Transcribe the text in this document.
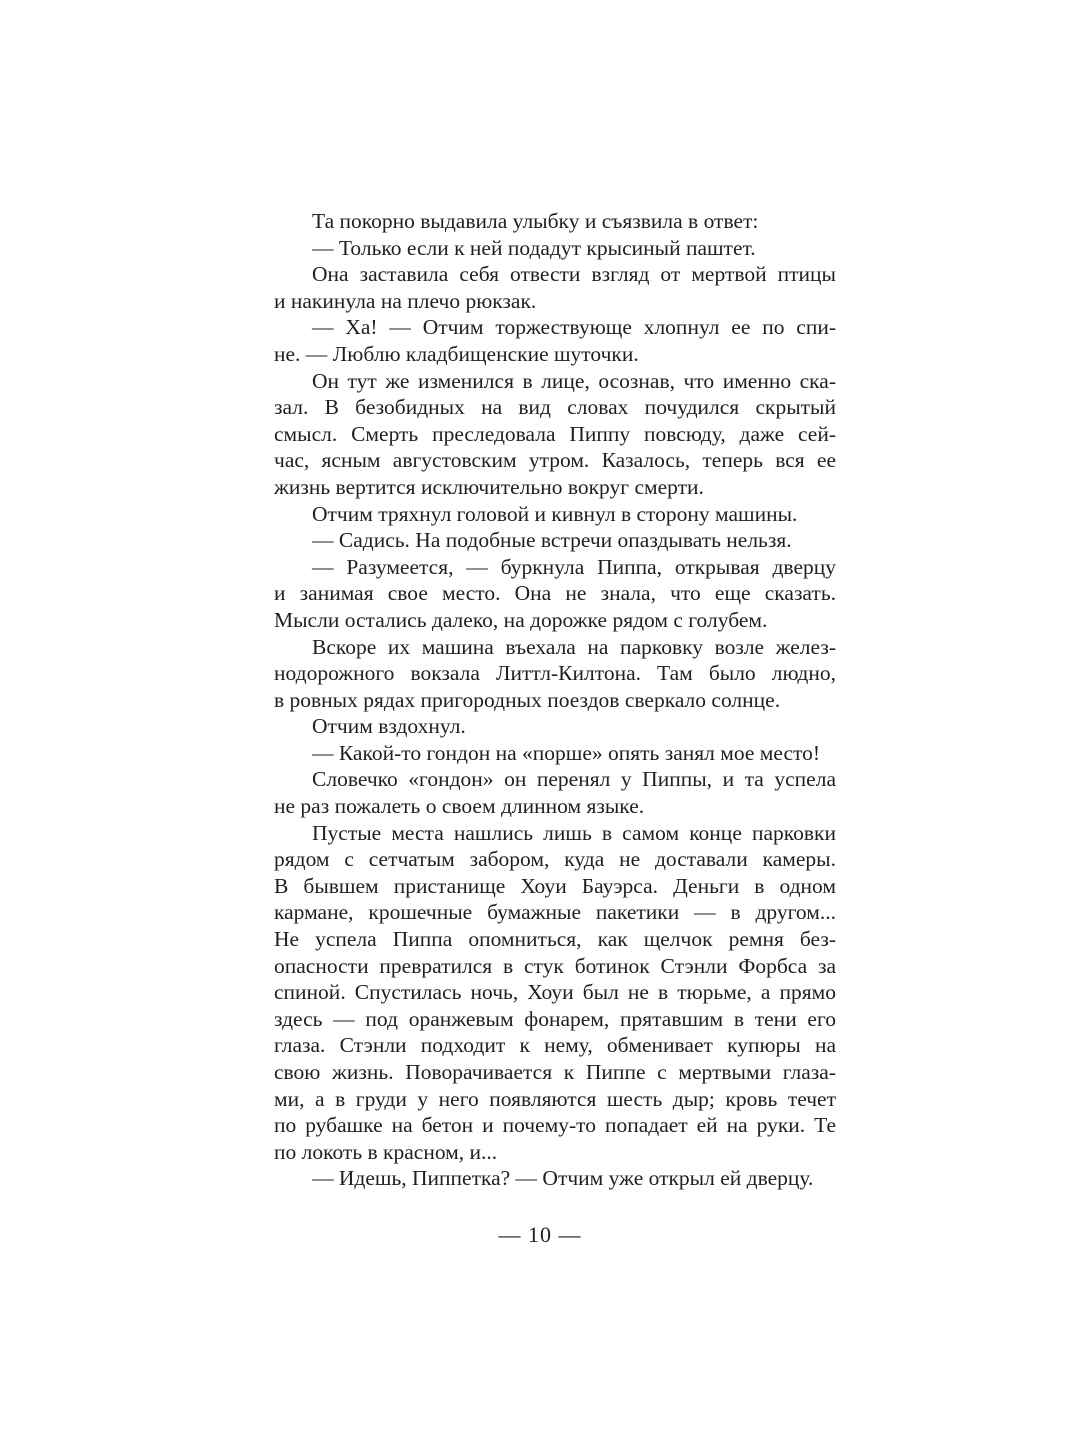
Та покорно выдавила улыбку и съязвила в ответ:
— Только если к ней подадут крысиный паштет.
Она заставила себя отвести взгляд от мертвой птицы
и накинула на плечо рюкзак.
— Ха! — Отчим торжествующе хлопнул ее по спи-
не. — Люблю кладбищенские шуточки.
Он тут же изменился в лице, осознав, что именно ска-
зал. В безобидных на вид словах почудился скрытый
смысл. Смерть преследовала Пиппу повсюду, даже сей-
час, ясным августовским утром. Казалось, теперь вся ее
жизнь вертится исключительно вокруг смерти.
Отчим тряхнул головой и кивнул в сторону машины.
— Садись. На подобные встречи опаздывать нельзя.
— Разумеется, — буркнула Пиппа, открывая дверцу
и занимая свое место. Она не знала, что еще сказать.
Мысли остались далеко, на дорожке рядом с голубем.
Вскоре их машина въехала на парковку возле желез-
нодорожного вокзала Литтл-Килтона. Там было людно,
в ровных рядах пригородных поездов сверкало солнце.
Отчим вздохнул.
— Какой-то гондон на «порше» опять занял мое место!
Словечко «гондон» он перенял у Пиппы, и та успела
не раз пожалеть о своем длинном языке.
Пустые места нашлись лишь в самом конце парковки
рядом с сетчатым забором, куда не доставали камеры.
В бывшем пристанище Хоуи Бауэрса. Деньги в одном
кармане, крошечные бумажные пакетики — в другом...
Не успела Пиппа опомниться, как щелчок ремня без-
опасности превратился в стук ботинок Стэнли Форбса за
спиной. Спустилась ночь, Хоуи был не в тюрьме, а прямо
здесь — под оранжевым фонарем, прятавшим в тени его
глаза. Стэнли подходит к нему, обменивает купюры на
свою жизнь. Поворачивается к Пиппе с мертвыми глаза-
ми, а в груди у него появляются шесть дыр; кровь течет
по рубашке на бетон и почему-то попадает ей на руки. Те
по локоть в красном, и...
— Идешь, Пиппетка? — Отчим уже открыл ей дверцу.
— 10 —
